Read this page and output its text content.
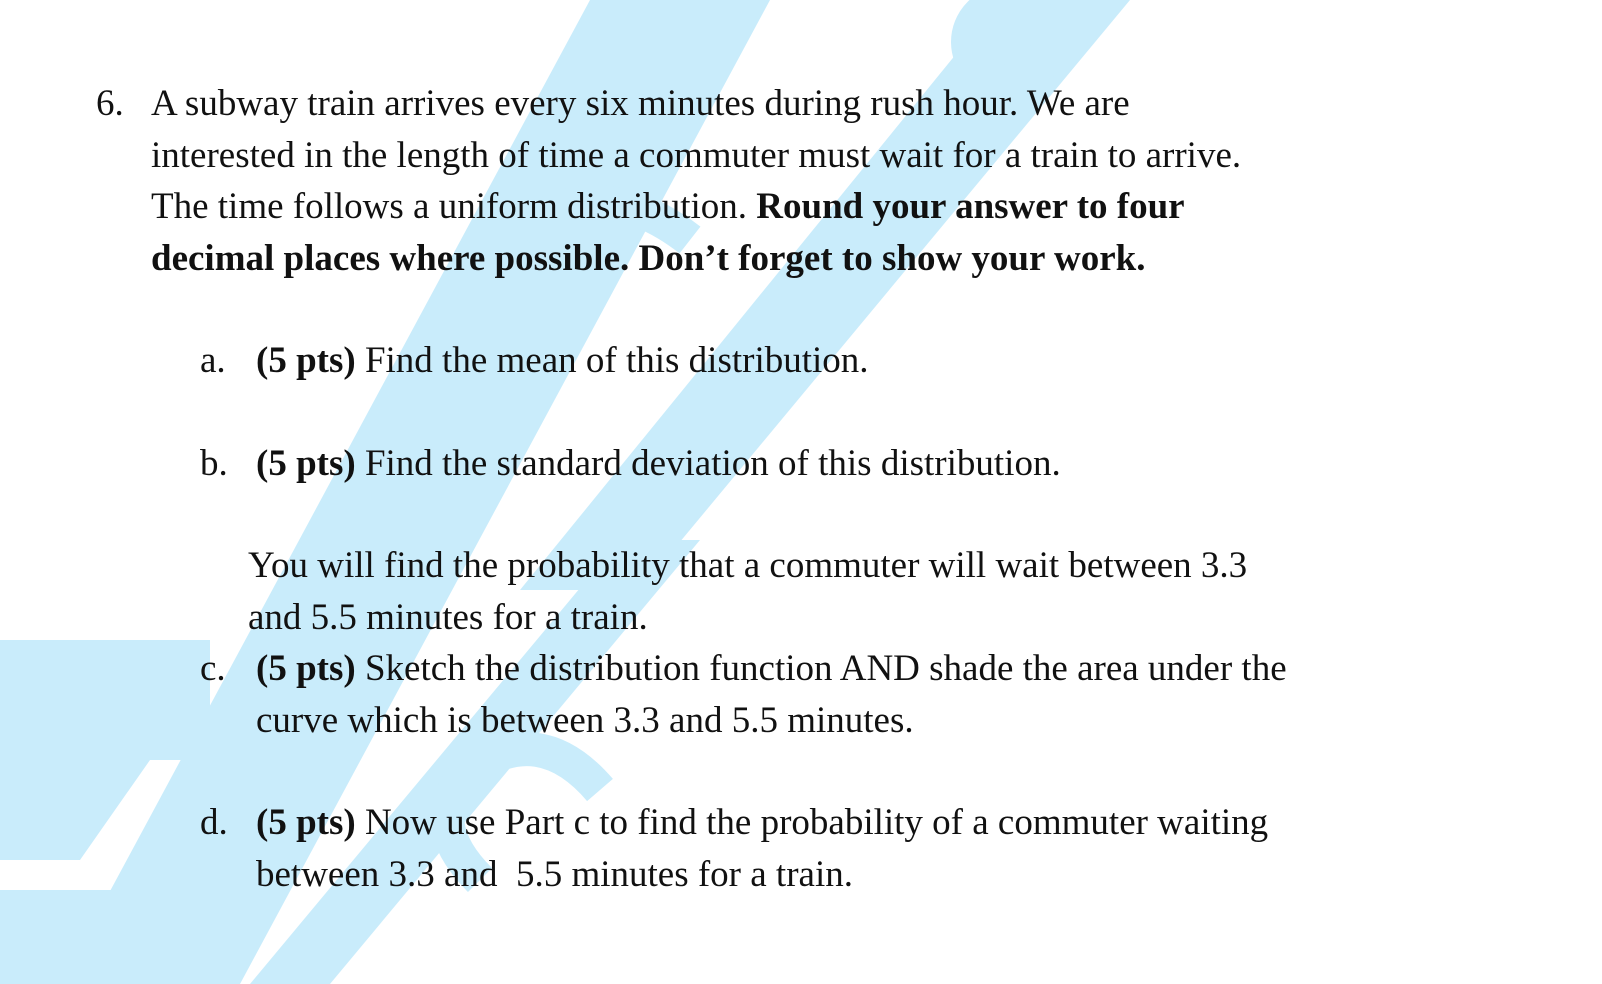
6. A subway train arrives every six minutes during rush hour. We are
interested in the length of time a commuter must wait for a train to arrive.
The time follows a uniform distribution. Round your answer to four
decimal places where possible. Don’t forget to show your work.
a. (5 pts) Find the mean of this distribution.
b. (5 pts) Find the standard deviation of this distribution.
You will find the probability that a commuter will wait between 3.3
and 5.5 minutes for a train.
c. (5 pts) Sketch the distribution function AND shade the area under the
curve which is between 3.3 and 5.5 minutes.
d. (5 pts) Now use Part c to find the probability of a commuter waiting
between 3.3 and  5.5 minutes for a train.
